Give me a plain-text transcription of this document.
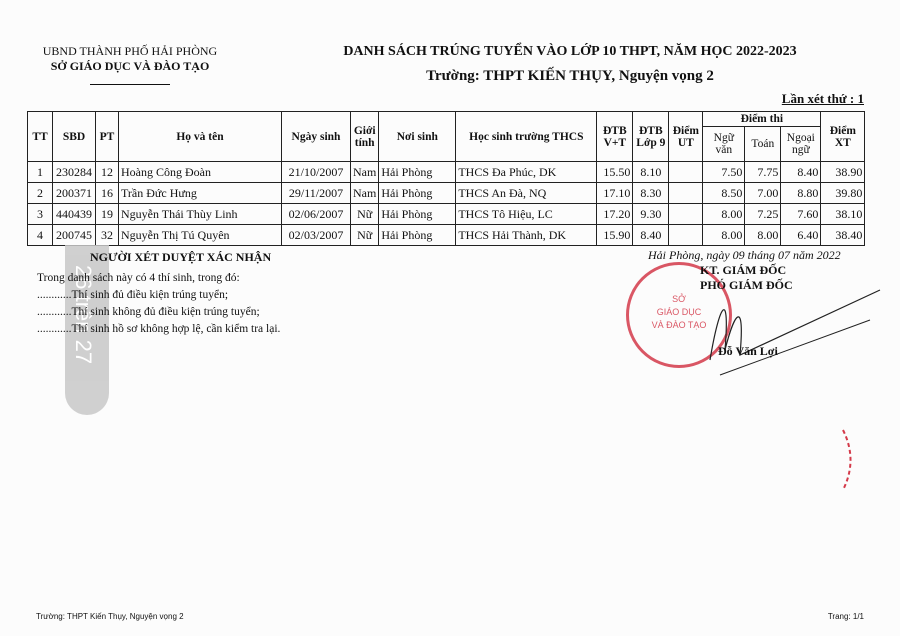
UBND THÀNH PHỐ HẢI PHÒNG
SỞ GIÁO DỤC VÀ ĐÀO TẠO
DANH SÁCH TRÚNG TUYỂN VÀO LỚP 10 THPT, NĂM HỌC 2022-2023
Trường: THPT KIẾN THỤY, Nguyện vọng 2
Lần xét thứ : 1
TT	SBD	PT	Họ và tên	Ngày sinh	Giới tính	Nơi sinh	Học sinh trường THCS	ĐTB V+T	ĐTB Lớp 9	Điểm UT	Điểm thi			Điểm XT
											Ngữ văn	Toán	Ngoại ngữ	
1	230284	12	Hoàng Công Đoàn	21/10/2007	Nam	Hải Phòng	THCS Đa Phúc, DK	15.50	8.10		7.50	7.75	8.40	38.90
2	200371	16	Trần Đức Hưng	29/11/2007	Nam	Hải Phòng	THCS An Đà, NQ	17.10	8.30		8.50	7.00	8.80	39.80
3	440439	19	Nguyễn Thái Thùy Linh	02/06/2007	Nữ	Hải Phòng	THCS Tô Hiệu, LC	17.20	9.30		8.00	7.25	7.60	38.10
4	200745	32	Nguyễn Thị Tú Quyên	02/03/2007	Nữ	Hải Phòng	THCS Hải Thành, DK	15.90	8.40		8.00	8.00	6.40	38.40
26 trên 27
NGƯỜI XÉT DUYỆT XÁC NHẬN
Trong danh sách này có 4 thí sinh, trong đó:
............Thí sinh đủ điều kiện trúng tuyển;
............Thí sinh không đủ điều kiện trúng tuyển;
............Thí sinh hồ sơ không hợp lệ, cần kiểm tra lại.
SỞ
GIÁO DỤC
VÀ ĐÀO TẠO
Hải Phòng, ngày 09 tháng 07 năm 2022
KT. GIÁM ĐỐC
PHÓ GIÁM ĐỐC
Đỗ Văn Lợi
Trường: THPT Kiến Thụy, Nguyện vọng 2	Trang: 1/1
